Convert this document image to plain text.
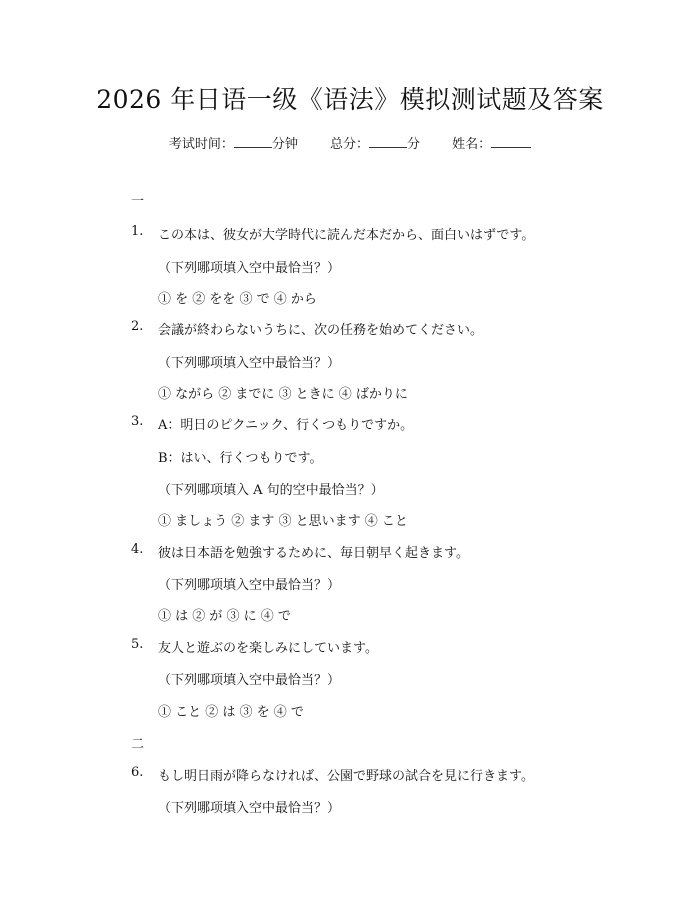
2026 年日语一级《语法》模拟测试题及答案
考试时间：	分钟 总分：	分 姓名：
一
1. この本は、彼女が大学時代に読んだ本だから、面白いはずです。
（下列哪项填入空中最恰当？）
① を ② をを ③ で ④ から
2. 会議が終わらないうちに、次の任務を始めてください。
（下列哪项填入空中最恰当？）
① ながら ② までに ③ ときに ④ ばかりに
3. A：明日のピクニック、行くつもりですか。
B：はい、行くつもりです。
（下列哪项填入 A 句的空中最恰当？）
① ましょう ② ます ③ と思います ④ こと
4. 彼は日本語を勉強するために、毎日朝早く起きます。
（下列哪项填入空中最恰当？）
① は ② が ③ に ④ で
5. 友人と遊ぶのを楽しみにしています。
（下列哪项填入空中最恰当？）
① こと ② は ③ を ④ で
二
6. もし明日雨が降らなければ、公園で野球の試合を見に行きます。
（下列哪项填入空中最恰当？）
